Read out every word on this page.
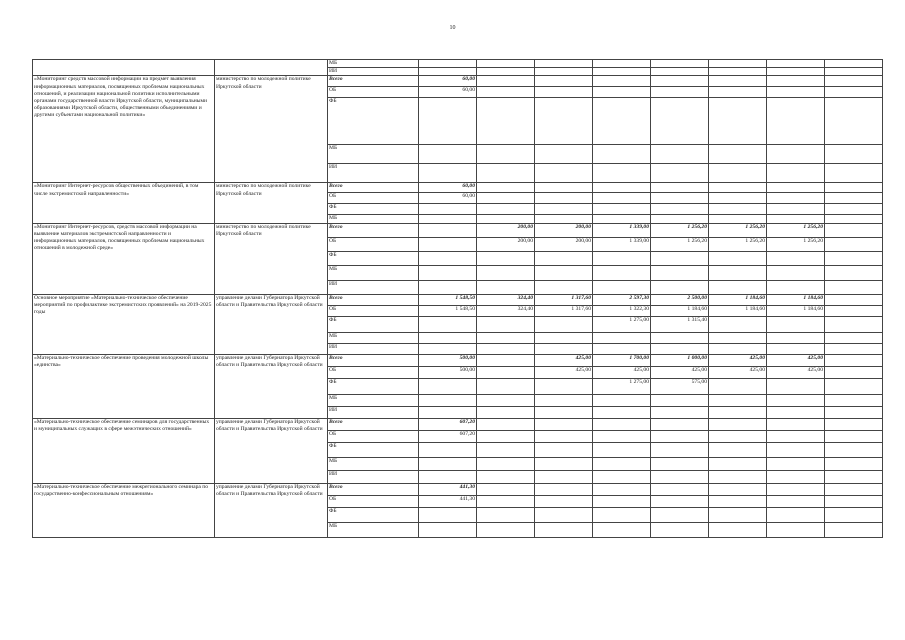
10
		МБ								
		ИИ								
«Мониторинг средств массовой информации на предмет выявления информационных материалов, посвященных проблемам национальных отношений, и реализации национальной политики исполнительными органами государственной власти Иркутской области, муниципальными образованиями Иркутской области, общественными объединениями и другими субъектами национальной политики»	министерство по молодежной политике Иркутской области	Всего	60,00							
		ОБ	60,00							
		ФБ								
		МБ								
		ИИ								
«Мониторинг Интернет-ресурсов общественных объединений, в том числе экстремистской направленности»	министерство по молодежной политике Иркутской области	Всего	60,00							
		ОБ	60,00							
		ФБ								
		МБ								
«Мониторинг Интернет-ресурсов, средств массовой информации на выявление материалов экстремистской направленности и информационных материалов, посвященных проблемам национальных отношений в молодежной среде»	министерство по молодежной политике Иркутской области	Всего		200,00	200,00	1 339,00	1 256,20	1 256,20	1 256,20	
		ОБ		200,00	200,00	1 339,00	1 256,20	1 256,20	1 256,20	
		ФБ								
		МБ								
		ИИ								
Основное мероприятие «Материально-техническое обеспечение мероприятий по профилактике экстремистских проявлений» на 2019-2025 годы	управление делами Губернатора Иркутской области и Правительства Иркутской области	Всего	1 548,50	324,40	1 317,60	2 597,30	2 500,00	1 184,60	1 184,60	
		ОБ	1 548,50	324,40	1 317,60	1 322,30	1 184,60	1 184,60	1 184,60	
		ФБ				1 275,00	1 315,40			
		МБ								
		ИИ								
«Материально-техническое обеспечение проведения молодежной школы «единства»	управление делами Губернатора Иркутской области и Правительства Иркутской области	Всего	500,00		425,00	1 700,00	1 000,00	425,00	425,00	
		ОБ	500,00		425,00	425,00	425,00	425,00	425,00	
		ФБ				1 275,00	575,00			
		МБ								
		ИИ								
«Материально-техническое обеспечение семинаров для государственных и муниципальных служащих в сфере межэтнических отношений»	управление делами Губернатора Иркутской области и Правительства Иркутской области	Всего	607,20							
		ОБ	607,20							
		ФБ								
		МБ								
		ИИ								
«Материально-техническое обеспечение межрегионального семинара по государственно-конфессиональным отношениям»	управление делами Губернатора Иркутской области и Правительства Иркутской области	Всего	441,30							
		ОБ	441,30							
		ФБ								
		МБ								
